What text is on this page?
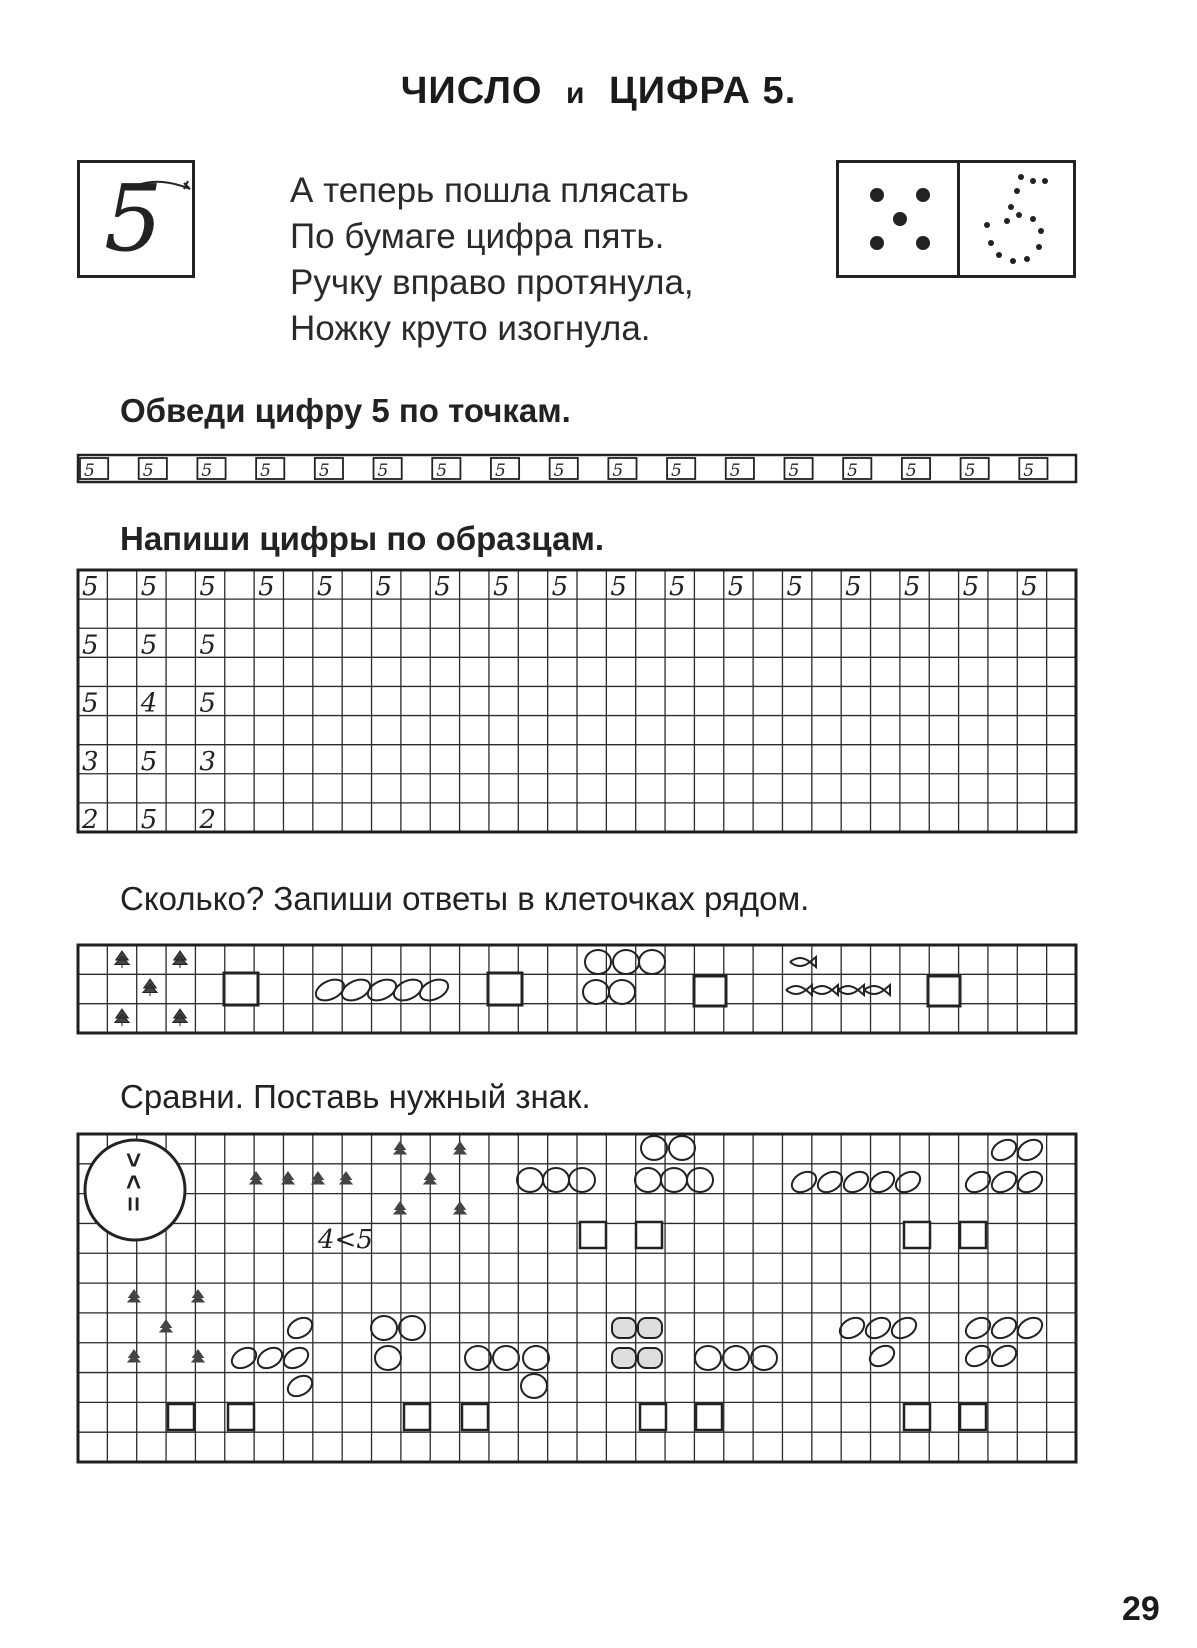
ЧИСЛО и ЦИФРА 5.
5	А теперь пошла плясать
По бумаге цифра пять.
Ручку вправо протянула,
Ножку круто изогнула.
Обведи цифру 5 по точкам.
5	5	5	5	5	5	5	5	5	5	5	5	5	5	5	5	5
Напиши цифры по образцам.
Сколько? Запиши ответы в клеточках рядом.
Сравни. Поставь нужный знак.
29
5 5 5 5 5 5 5 5 5 5 5 5 5 5 5 5 5
5 5 5
5 4 5
3 5 3
2 5 2
>
<
=
4<5
